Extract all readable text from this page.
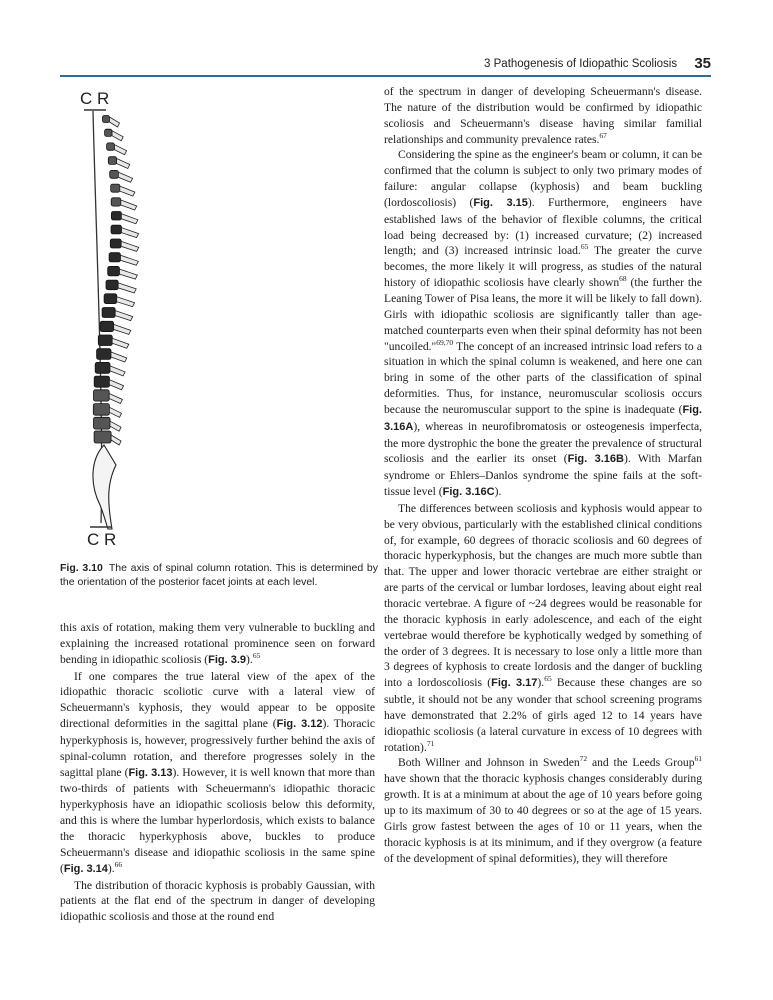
3 Pathogenesis of Idiopathic Scoliosis 35
C R
C R
Fig. 3.10 The axis of spinal column rotation. This is determined by the orientation of the posterior facet joints at each level.

this axis of rotation, making them very vulnerable to buckling and explaining the increased rotational prominence seen on forward bending in idiopathic scoliosis (Fig. 3.9).$^{65}$

If one compares the true lateral view of the apex of the idiopathic thoracic scoliotic curve with a lateral view of Scheuermann's kyphosis, they would appear to be opposite directional deformities in the sagittal plane (Fig. 3.12). Thoracic hyperkyphosis is, however, progressively further behind the axis of spinal-column rotation, and therefore progresses solely in the sagittal plane (Fig. 3.13). However, it is well known that more than two-thirds of patients with Scheuermann's idiopathic thoracic hyperkyphosis have an idiopathic scoliosis below this deformity, and this is where the lumbar hyperlordosis, which exists to balance the thoracic hyperkyphosis above, buckles to produce Scheuermann's disease and idiopathic scoliosis in the same spine (Fig. 3.14).$^{66}$

The distribution of thoracic kyphosis is probably Gaussian, with patients at the flat end of the spectrum in danger of developing idiopathic scoliosis and those at the round end

of the spectrum in danger of developing Scheuermann's disease. The nature of the distribution would be confirmed by idiopathic scoliosis and Scheuermann's disease having similar familial relationships and community prevalence rates.$^{67}$

Considering the spine as the engineer's beam or column, it can be confirmed that the column is subject to only two primary modes of failure: angular collapse (kyphosis) and beam buckling (lordoscoliosis) (Fig. 3.15). Furthermore, engineers have established laws of the behavior of flexible columns, the critical load being decreased by: (1) increased curvature; (2) increased length; and (3) increased intrinsic load.$^{65}$ The greater the curve becomes, the more likely it will progress, as studies of the natural history of idiopathic scoliosis have clearly shown$^{68}$ (the further the Leaning Tower of Pisa leans, the more it will be likely to fall down). Girls with idiopathic scoliosis are significantly taller than age-matched counterparts even when their spinal deformity has not been "uncoiled."$^{69,70}$ The concept of an increased intrinsic load refers to a situation in which the spinal column is weakened, and here one can bring in some of the other parts of the classification of spinal deformities. Thus, for instance, neuromuscular scoliosis occurs because the neuromuscular support to the spine is inadequate (Fig. 3.16A), whereas in neurofibromatosis or osteogenesis imperfecta, the more dystrophic the bone the greater the prevalence of structural scoliosis and the earlier its onset (Fig. 3.16B). With Marfan syndrome or Ehlers–Danlos syndrome the spine fails at the soft-tissue level (Fig. 3.16C).

The differences between scoliosis and kyphosis would appear to be very obvious, particularly with the established clinical conditions of, for example, 60 degrees of thoracic scoliosis and 60 degrees of thoracic hyperkyphosis, but the changes are much more subtle than that. The upper and lower thoracic vertebrae are either straight or are parts of the cervical or lumbar lordoses, leaving about eight real thoracic vertebrae. A figure of ~24 degrees would be reasonable for the thoracic kyphosis in early adolescence, and each of the eight vertebrae would therefore be kyphotically wedged by something of the order of 3 degrees. It is necessary to lose only a little more than 3 degrees of kyphosis to create lordosis and the danger of buckling into a lordoscoliosis (Fig. 3.17).$^{65}$ Because these changes are so subtle, it should not be any wonder that school screening programs have demonstrated that 2.2% of girls aged 12 to 14 years have idiopathic scoliosis (a lateral curvature in excess of 10 degrees with rotation).$^{71}$

Both Willner and Johnson in Sweden$^{72}$ and the Leeds Group$^{61}$ have shown that the thoracic kyphosis changes considerably during growth. It is at a minimum at about the age of 10 years before going up to its maximum of 30 to 40 degrees or so at the age of 15 years. Girls grow fastest between the ages of 10 or 11 years, when the thoracic kyphosis is at its minimum, and if they overgrow (a feature of the development of spinal deformities), they will therefore
